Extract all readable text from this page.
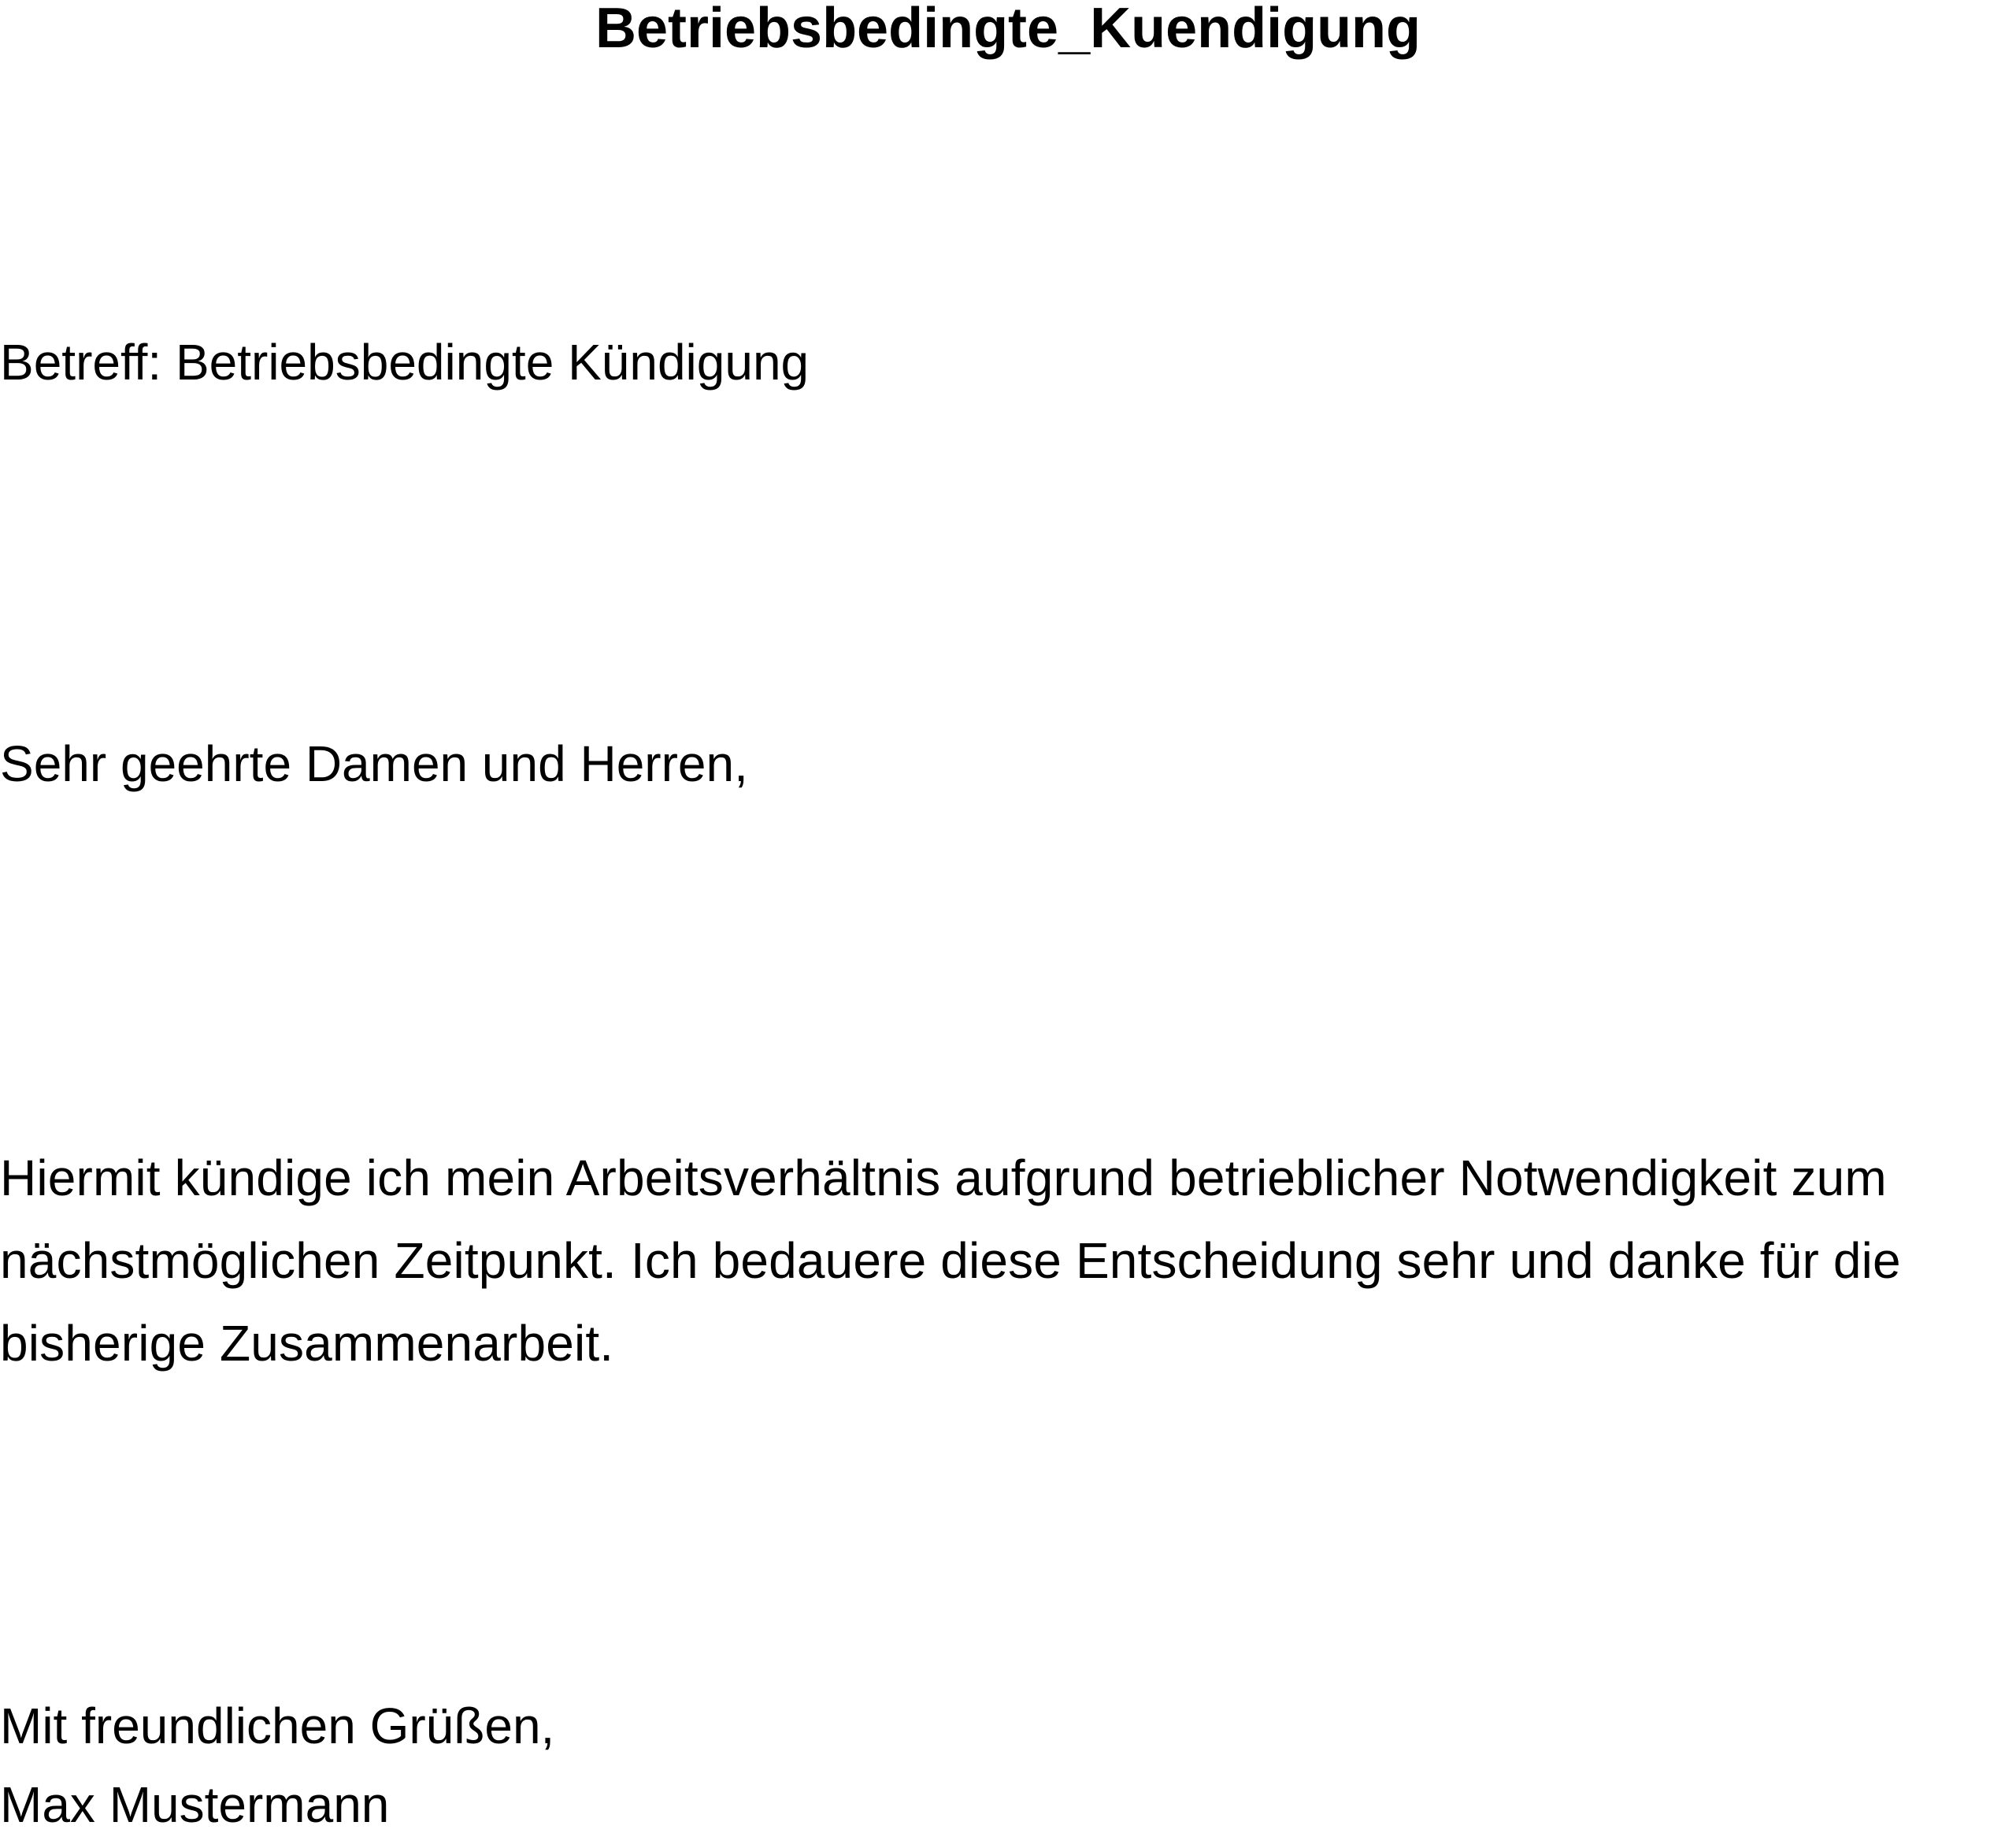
Betriebsbedingte_Kuendigung

Betreff: Betriebsbedingte Kündigung

Sehr geehrte Damen und Herren,

Hiermit kündige ich mein Arbeitsverhältnis aufgrund betrieblicher Notwendigkeit zum nächstmöglichen Zeitpunkt. Ich bedauere diese Entscheidung sehr und danke für die bisherige Zusammenarbeit.

Mit freundlichen Grüßen,

Max Mustermann
